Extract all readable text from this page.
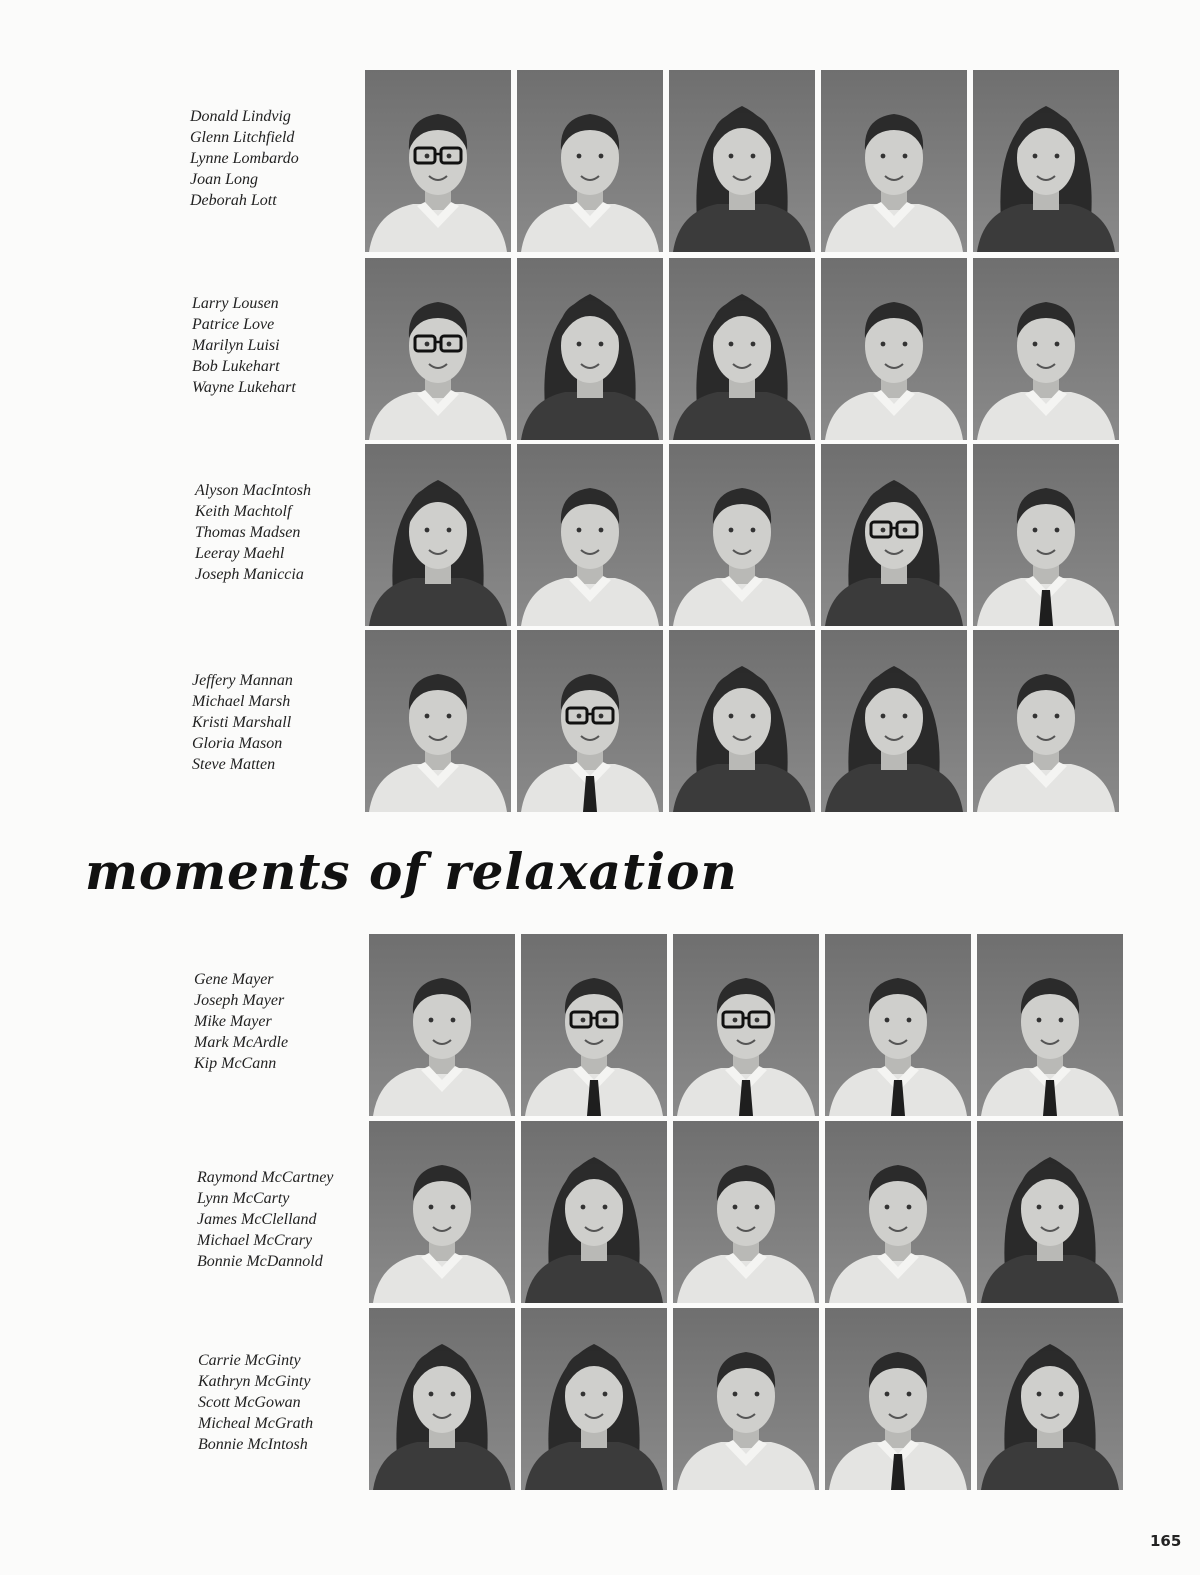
Donald Lindvig
Glenn Litchfield
Lynne Lombardo
Joan Long
Deborah Lott
Larry Lousen
Patrice Love
Marilyn Luisi
Bob Lukehart
Wayne Lukehart
Alyson MacIntosh
Keith Machtolf
Thomas Madsen
Leeray Maehl
Joseph Maniccia
Jeffery Mannan
Michael Marsh
Kristi Marshall
Gloria Mason
Steve Matten
moments of relaxation
Gene Mayer
Joseph Mayer
Mike Mayer
Mark McArdle
Kip McCann
Raymond McCartney
Lynn McCarty
James McClelland
Michael McCrary
Bonnie McDannold
Carrie McGinty
Kathryn McGinty
Scott McGowan
Micheal McGrath
Bonnie McIntosh
165
